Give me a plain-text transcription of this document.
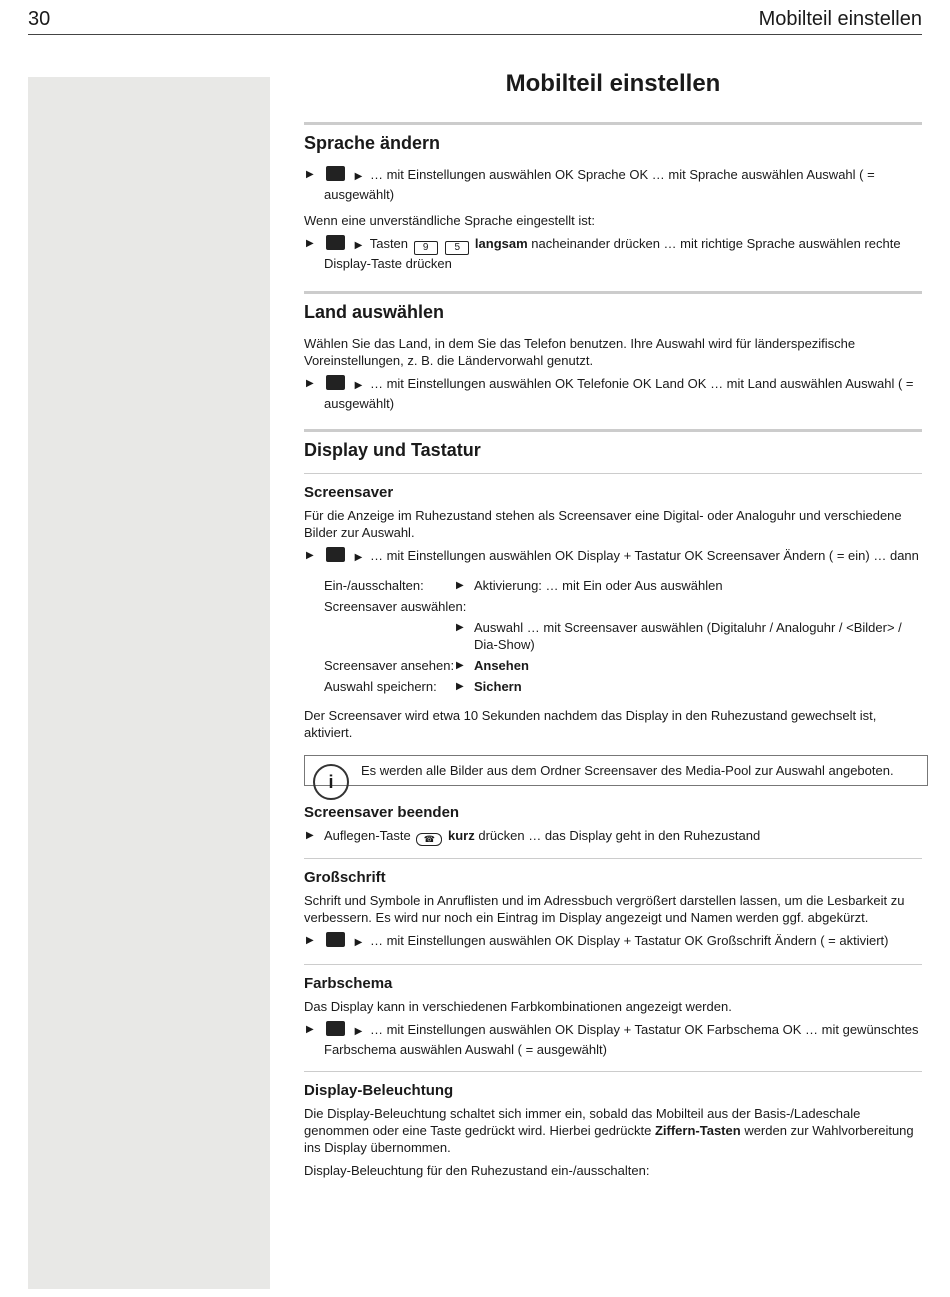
30	Mobilteil einstellen
Mobilteil einstellen
Sprache ändern
▶	▶ … mit Einstellungen auswählen OK Sprache OK … mit Sprache auswählen Auswahl ( = ausgewählt)

Wenn eine unverständliche Sprache eingestellt ist:

▶	▶ Tasten 9	5 langsam nacheinander drücken … mit richtige Sprache auswählen rechte Display-Taste drücken
Land auswählen

Wählen Sie das Land, in dem Sie das Telefon benutzen. Ihre Auswahl wird für länderspezifische Voreinstellungen, z. B. die Ländervorwahl genutzt.

▶	▶ … mit Einstellungen auswählen OK Telefonie OK Land OK … mit Land auswählen Auswahl ( = ausgewählt)
Display und Tastatur
Screensaver

Für die Anzeige im Ruhezustand stehen als Screensaver eine Digital- oder Analoguhr und verschiedene Bilder zur Auswahl.

▶	▶ … mit Einstellungen auswählen OK Display + Tastatur OK Screensaver Ändern ( = ein) … dann
Ein-/ausschalten:	▶	Aktivierung: … mit Ein oder Aus auswählen
Screensaver auswählen:		
	▶	Auswahl … mit Screensaver auswählen (Digitaluhr / Analoguhr / <Bilder> / Dia-Show)
Screensaver ansehen:	▶	Ansehen
Auswahl speichern:	▶	Sichern

Der Screensaver wird etwa 10 Sekunden nachdem das Display in den Ruhezustand gewechselt ist, aktiviert.

i
Es werden alle Bilder aus dem Ordner Screensaver des Media-Pool zur Auswahl angeboten.
Screensaver beenden
▶ Auflegen-Taste ☎ kurz drücken … das Display geht in den Ruhezustand
Großschrift

Schrift und Symbole in Anruflisten und im Adressbuch vergrößert darstellen lassen, um die Lesbarkeit zu verbessern. Es wird nur noch ein Eintrag im Display angezeigt und Namen werden ggf. abgekürzt.

▶	▶ … mit Einstellungen auswählen OK Display + Tastatur OK Großschrift Ändern ( = aktiviert)
Farbschema

Das Display kann in verschiedenen Farbkombinationen angezeigt werden.

▶	▶ … mit Einstellungen auswählen OK Display + Tastatur OK Farbschema OK … mit gewünschtes Farbschema auswählen Auswahl ( = ausgewählt)
Display-Beleuchtung

Die Display-Beleuchtung schaltet sich immer ein, sobald das Mobilteil aus der Basis-/Ladeschale genommen oder eine Taste gedrückt wird. Hierbei gedrückte Ziffern-Tasten werden zur Wahlvorbereitung ins Display übernommen.

Display-Beleuchtung für den Ruhezustand ein-/ausschalten:
